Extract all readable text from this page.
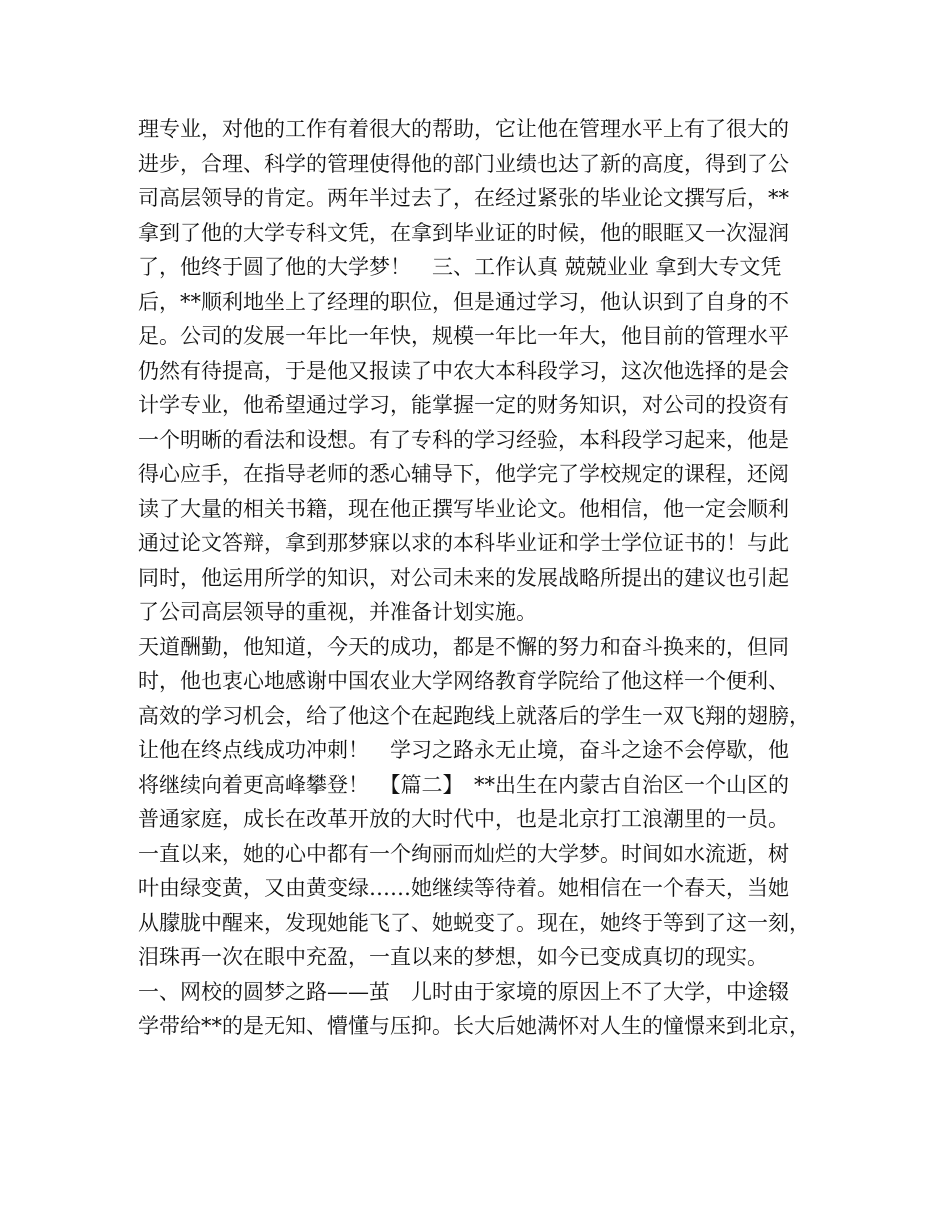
理专业，对他的工作有着很大的帮助，它让他在管理水平上有了很大的
进步，合理、科学的管理使得他的部门业绩也达了新的高度，得到了公
司高层领导的肯定。两年半过去了，在经过紧张的毕业论文撰写后，**
拿到了他的大学专科文凭，在拿到毕业证的时候，他的眼眶又一次湿润
了，他终于圆了他的大学梦！　三、工作认真 兢兢业业 拿到大专文凭
后，**顺利地坐上了经理的职位，但是通过学习，他认识到了自身的不
足。公司的发展一年比一年快，规模一年比一年大，他目前的管理水平
仍然有待提高，于是他又报读了中农大本科段学习，这次他选择的是会
计学专业，他希望通过学习，能掌握一定的财务知识，对公司的投资有
一个明晰的看法和设想。有了专科的学习经验，本科段学习起来，他是
得心应手，在指导老师的悉心辅导下，他学完了学校规定的课程，还阅
读了大量的相关书籍，现在他正撰写毕业论文。他相信，他一定会顺利
通过论文答辩，拿到那梦寐以求的本科毕业证和学士学位证书的！与此
同时，他运用所学的知识，对公司未来的发展战略所提出的建议也引起
了公司高层领导的重视，并准备计划实施。
天道酬勤，他知道，今天的成功，都是不懈的努力和奋斗换来的，但同
时，他也衷心地感谢中国农业大学网络教育学院给了他这样一个便利、
高效的学习机会，给了他这个在起跑线上就落后的学生一双飞翔的翅膀，
让他在终点线成功冲刺！　学习之路永无止境，奋斗之途不会停歇，他
将继续向着更高峰攀登！　【篇二】　**出生在内蒙古自治区一个山区的
普通家庭，成长在改革开放的大时代中，也是北京打工浪潮里的一员。
一直以来，她的心中都有一个绚丽而灿烂的大学梦。时间如水流逝，树
叶由绿变黄，又由黄变绿……她继续等待着。她相信在一个春天，当她
从朦胧中醒来，发现她能飞了、她蜕变了。现在，她终于等到了这一刻，
泪珠再一次在眼中充盈，一直以来的梦想，如今已变成真切的现实。
一、网校的圆梦之路——茧　儿时由于家境的原因上不了大学，中途辍
学带给**的是无知、懵懂与压抑。长大后她满怀对人生的憧憬来到北京，
